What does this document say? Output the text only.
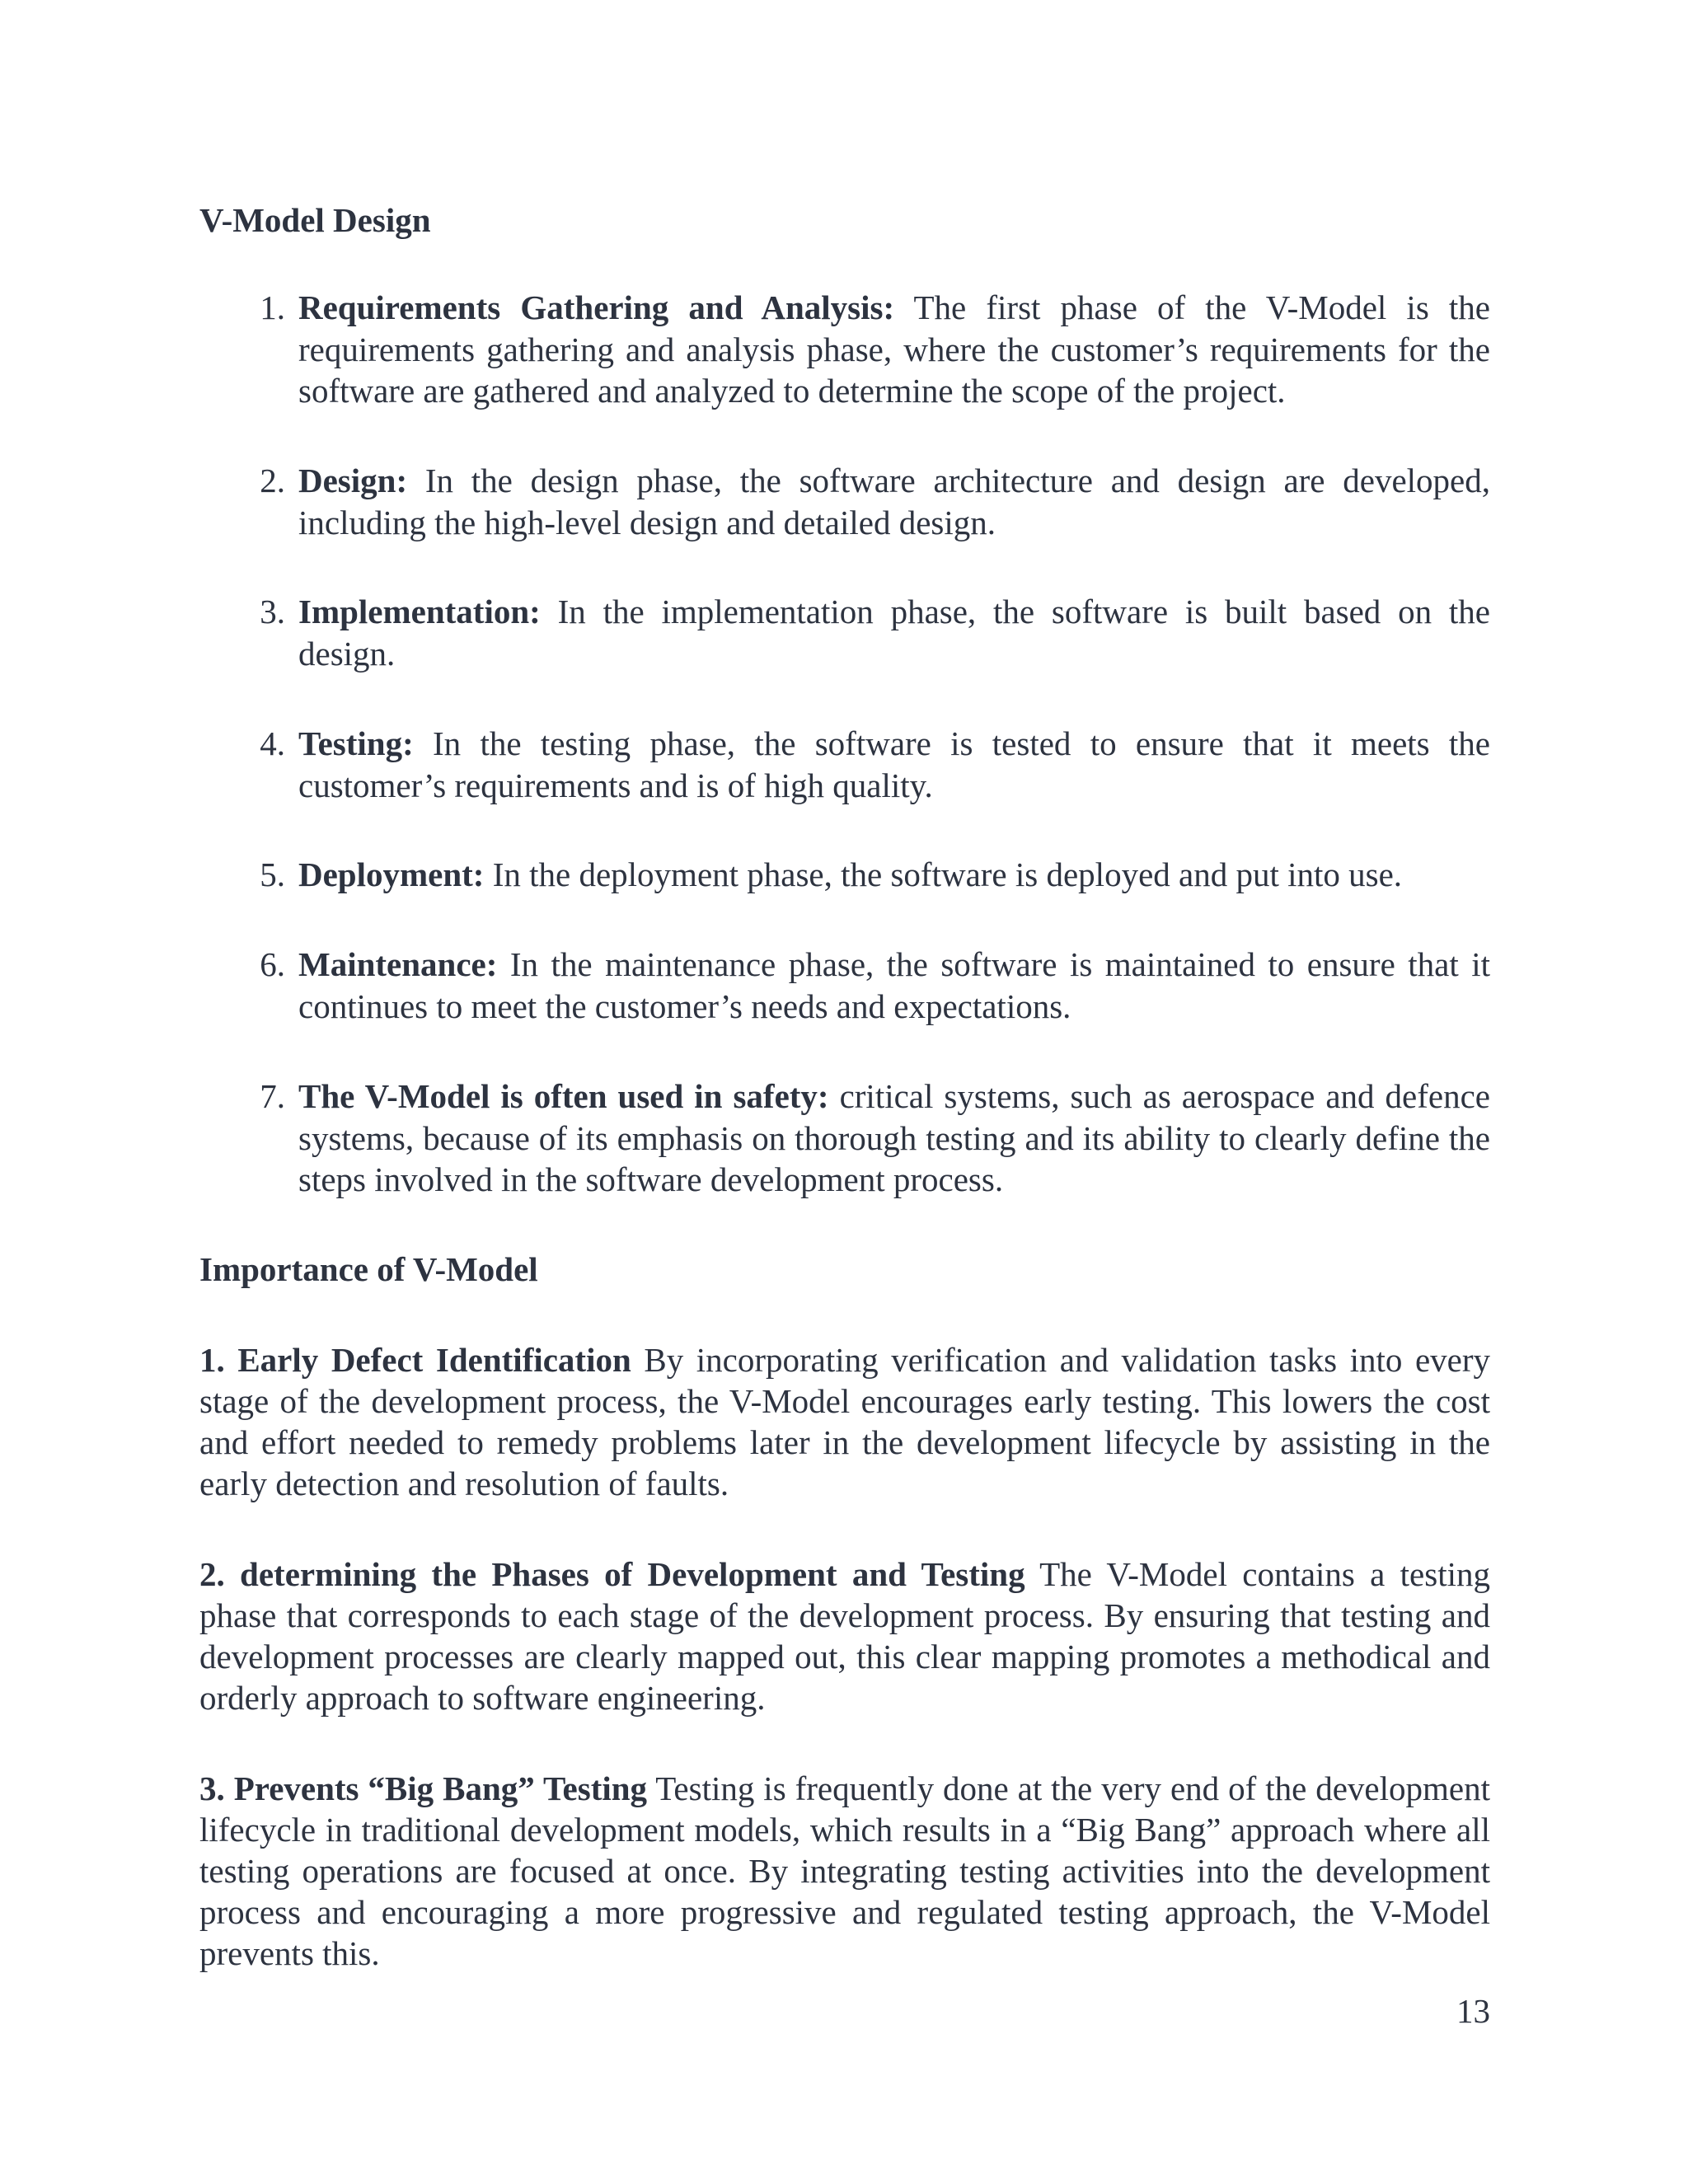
V-Model Design
1. Requirements Gathering and Analysis: The first phase of the V-Model is the requirements gathering and analysis phase, where the customer’s requirements for the software are gathered and analyzed to determine the scope of the project.

2. Design: In the design phase, the software architecture and design are developed, including the high-level design and detailed design.

3. Implementation: In the implementation phase, the software is built based on the design.

4. Testing: In the testing phase, the software is tested to ensure that it meets the customer’s requirements and is of high quality.

5. Deployment: In the deployment phase, the software is deployed and put into use.

6. Maintenance: In the maintenance phase, the software is maintained to ensure that it continues to meet the customer’s needs and expectations.

7. The V-Model is often used in safety: critical systems, such as aerospace and defence systems, because of its emphasis on thorough testing and its ability to clearly define the steps involved in the software development process.

Importance of V-Model

1. Early Defect Identification By incorporating verification and validation tasks into every stage of the development process, the V-Model encourages early testing. This lowers the cost and effort needed to remedy problems later in the development lifecycle by assisting in the early detection and resolution of faults.

2. determining the Phases of Development and Testing The V-Model contains a testing phase that corresponds to each stage of the development process. By ensuring that testing and development processes are clearly mapped out, this clear mapping promotes a methodical and orderly approach to software engineering.

3. Prevents “Big Bang” Testing Testing is frequently done at the very end of the development lifecycle in traditional development models, which results in a “Big Bang” approach where all testing operations are focused at once. By integrating testing activities into the development process and encouraging a more progressive and regulated testing approach, the V-Model prevents this.

13
